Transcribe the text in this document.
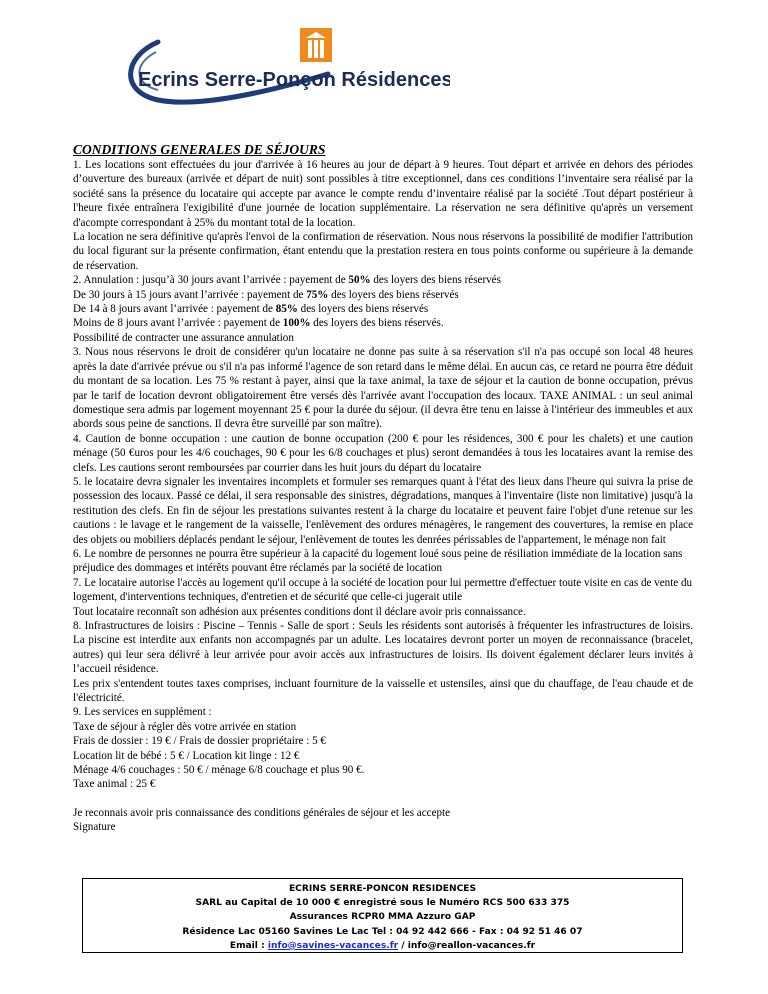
Ecrins Serre-Ponçon Résidences
CONDITIONS GENERALES DE SÉJOURS

1. Les locations sont effectuées du jour d'arrivée à 16 heures au jour de départ à 9 heures. Tout départ et arrivée en dehors des périodes d’ouverture des bureaux (arrivée et départ de nuit) sont possibles à titre exceptionnel, dans ces conditions l’inventaire sera réalisé par la société sans la présence du locataire qui accepte par avance le compte rendu d’inventaire réalisé par la société .Tout départ postérieur à l'heure fixée entraînera l'exigibilité d'une journée de location supplémentaire. La réservation ne sera définitive qu'après un versement d'acompte correspondant à 25% du montant total de la location.

La location ne sera définitive qu'après l'envoi de la confirmation de réservation. Nous nous réservons la possibilité de modifier l'attribution du local figurant sur la présente confirmation, étant entendu que la prestation restera en tous points conforme ou supérieure à la demande de réservation.

2. Annulation : jusqu’à 30 jours avant l’arrivée : payement de 50% des loyers des biens réservés

De 30 jours à 15 jours avant l’arrivée : payement de 75% des loyers des biens réservés

De 14 à 8 jours avant l’arrivée : payement de 85% des loyers des biens réservés

Moins de 8 jours avant l’arrivée : payement de 100% des loyers des biens réservés.

Possibilité de contracter une assurance annulation

3. Nous nous réservons le droit de considérer qu'un locataire ne donne pas suite à sa réservation s'il n'a pas occupé son local 48 heures après la date d'arrivée prévue ou s'il n'a pas informé l'agence de son retard dans le même délai. En aucun cas, ce retard ne pourra être déduit du montant de sa location. Les 75 % restant à payer, ainsi que la taxe animal, la taxe de séjour et la caution de bonne occupation, prévus par le tarif de location devront obligatoirement être versés dès l'arrivée avant l'occupation des locaux. TAXE ANIMAL : un seul animal domestique sera admis par logement moyennant 25 € pour la durée du séjour. (il devra être tenu en laisse à l'intérieur des immeubles et aux abords sous peine de sanctions. Il devra être surveillé par son maître).

4. Caution de bonne occupation : une caution de bonne occupation (200 € pour les résidences, 300 € pour les chalets) et une caution ménage (50 €uros pour les 4/6 couchages, 90 € pour les 6/8 couchages et plus) seront demandées à tous les locataires avant la remise des clefs. Les cautions seront remboursées par courrier dans les huit jours du départ du locataire

5. le locataire devra signaler les inventaires incomplets et formuler ses remarques quant à l'état des lieux dans l'heure qui suivra la prise de possession des locaux. Passé ce délai, il sera responsable des sinistres, dégradations, manques à l'inventaire (liste non limitative) jusqu'à la restitution des clefs. En fin de séjour les prestations suivantes restent à la charge du locataire et peuvent faire l'objet d'une retenue sur les cautions : le lavage et le rangement de la vaisselle, l'enlèvement des ordures ménagères, le rangement des couvertures, la remise en place des objets ou mobiliers déplacés pendant le séjour, l'enlèvement de toutes les denrées périssables de l'appartement, le ménage non fait

6. Le nombre de personnes ne pourra être supérieur à la capacité du logement loué sous peine de résiliation immédiate de la location sans préjudice des dommages et intérêts pouvant être réclamés par la société de location

7. Le locataire autorise l'accès au logement qu'il occupe à la société de location pour lui permettre d'effectuer toute visite en cas de vente du logement, d'interventions techniques, d'entretien et de sécurité que celle-ci jugerait utile

Tout locataire reconnaît son adhésion aux présentes conditions dont il déclare avoir pris connaissance.

8. Infrastructures de loisirs : Piscine – Tennis - Salle de sport : Seuls les résidents sont autorisés à fréquenter les infrastructures de loisirs. La piscine est interdite aux enfants non accompagnés par un adulte. Les locataires devront porter un moyen de reconnaissance (bracelet, autres) qui leur sera délivré à leur arrivée pour avoir accès aux infrastructures de loisirs. Ils doivent également déclarer leurs invités à l’accueil résidence.

Les prix s'entendent toutes taxes comprises, incluant fourniture de la vaisselle et ustensiles, ainsi que du chauffage, de l'eau chaude et de l'électricité.

9. Les services en supplément :

Taxe de séjour à régler dès votre arrivée en station

Frais de dossier : 19 € / Frais de dossier propriétaire : 5 €

Location lit de bébé : 5 € / Location kit linge : 12 €

Ménage 4/6 couchages : 50 € / ménage 6/8 couchage et plus 90 €.

Taxe animal : 25 €

Je reconnais avoir pris connaissance des conditions générales de séjour et les accepte

Signature

ECRINS SERRE-PONC0N RESIDENCES
SARL au Capital de 10 000 € enregistré sous le Numéro RCS 500 633 375
Assurances RCPR0 MMA Azzuro GAP
Résidence Lac 05160 Savines Le Lac Tel : 04 92 442 666 - Fax : 04 92 51 46 07
Email : info@savines-vacances.fr / info@reallon-vacances.fr
